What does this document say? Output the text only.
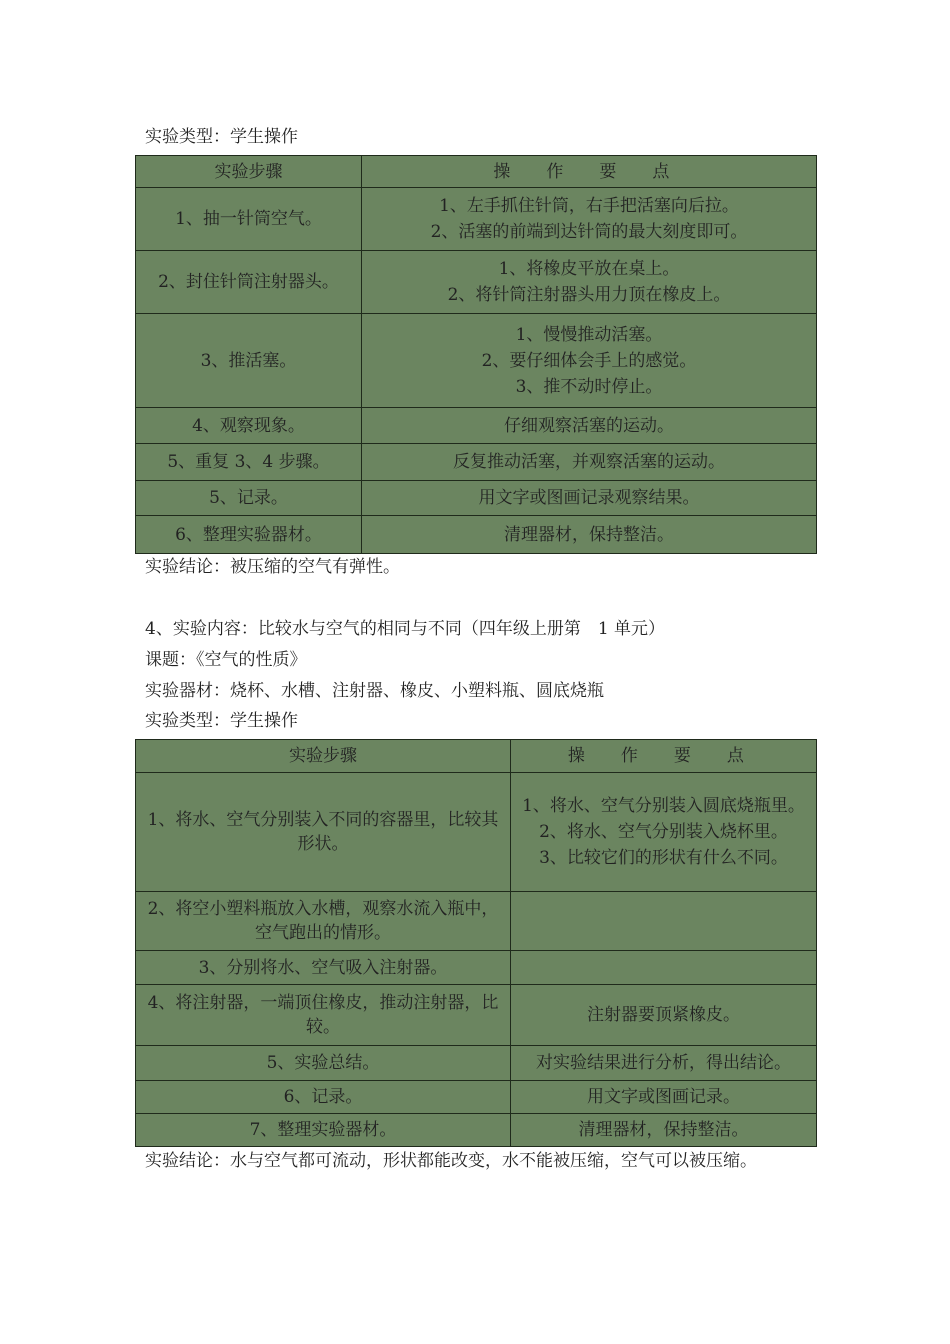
实验类型：学生操作
实验步骤	操 作 要 点
1、抽一针筒空气。	1、左手抓住针筒，右手把活塞向后拉。
2、活塞的前端到达针筒的最大刻度即可。

2、封住针筒注射器头。	1、将橡皮平放在桌上。
2、将针筒注射器头用力顶在橡皮上。

3、推活塞。	1、慢慢推动活塞。
2、要仔细体会手上的感觉。
3、推不动时停止。

4、观察现象。	仔细观察活塞的运动。
5、重复 3、4 步骤。	反复推动活塞，并观察活塞的运动。
5、记录。	用文字或图画记录观察结果。
6、整理实验器材。	清理器材，保持整洁。
实验结论：被压缩的空气有弹性。
4、实验内容：比较水与空气的相同与不同（四年级上册第　1 单元）
课题：《空气的性质》
实验器材：烧杯、水槽、注射器、橡皮、小塑料瓶、圆底烧瓶
实验类型：学生操作
实验步骤	操 作 要 点
1、将水、空气分别装入不同的容器里，比较其形状。	1、将水、空气分别装入圆底烧瓶里。
2、将水、空气分别装入烧杯里。
3、比较它们的形状有什么不同。

2、将空小塑料瓶放入水槽，观察水流入瓶中，空气跑出的情形。	
3、分别将水、空气吸入注射器。	
4、将注射器，一端顶住橡皮，推动注射器，比较。	注射器要顶紧橡皮。
5、实验总结。	对实验结果进行分析，得出结论。
6、记录。	用文字或图画记录。
7、整理实验器材。	清理器材，保持整洁。
实验结论：水与空气都可流动，形状都能改变，水不能被压缩，空气可以被压缩。
